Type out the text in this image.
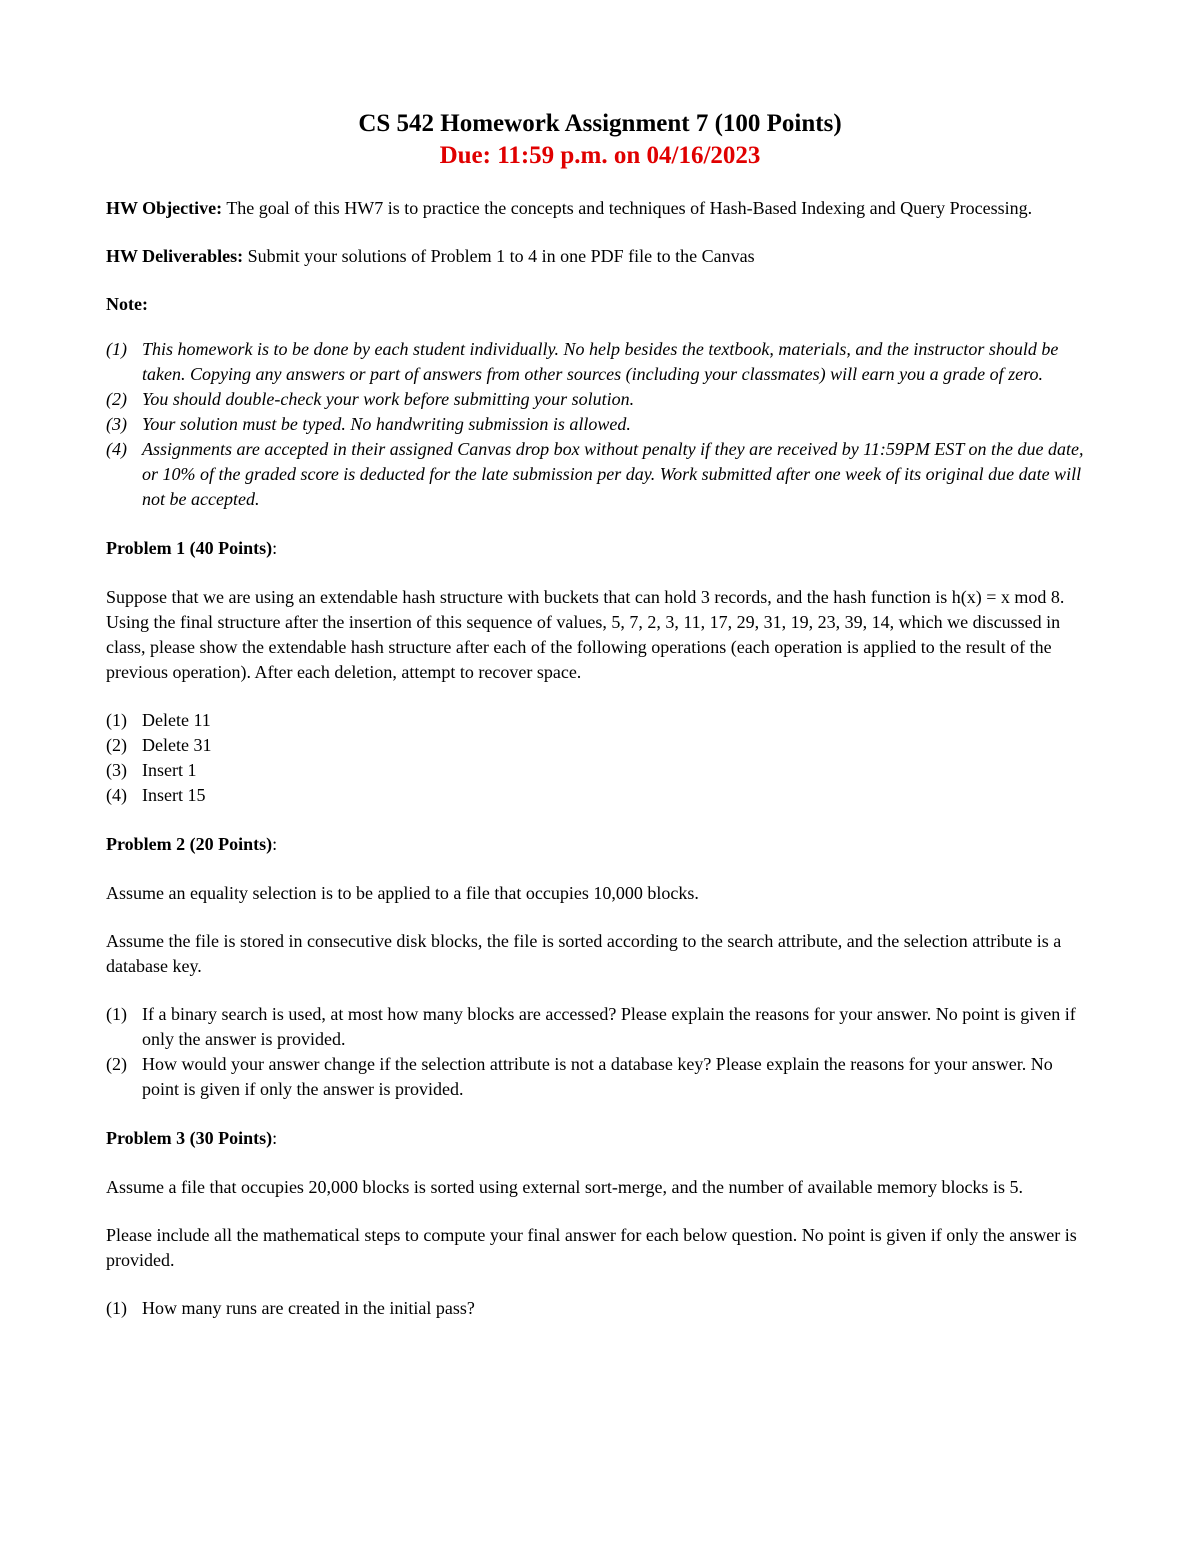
CS 542 Homework Assignment 7 (100 Points)
Due: 11:59 p.m. on 04/16/2023

HW Objective: The goal of this HW7 is to practice the concepts and techniques of Hash-Based Indexing and Query Processing.

HW Deliverables: Submit your solutions of Problem 1 to 4 in one PDF file to the Canvas

Note:
(1) This homework is to be done by each student individually. No help besides the textbook, materials, and the instructor should be taken. Copying any answers or part of answers from other sources (including your classmates) will earn you a grade of zero.
(2) You should double-check your work before submitting your solution.
(3) Your solution must be typed. No handwriting submission is allowed.
(4) Assignments are accepted in their assigned Canvas drop box without penalty if they are received by 11:59PM EST on the due date, or 10% of the graded score is deducted for the late submission per day. Work submitted after one week of its original due date will not be accepted.
Problem 1 (40 Points):

Suppose that we are using an extendable hash structure with buckets that can hold 3 records, and the hash function is h(x) = x mod 8. Using the final structure after the insertion of this sequence of values, 5, 7, 2, 3, 11, 17, 29, 31, 19, 23, 39, 14, which we discussed in class, please show the extendable hash structure after each of the following operations (each operation is applied to the result of the previous operation). After each deletion, attempt to recover space.

(1) Delete 11
(2) Delete 31
(3) Insert 1
(4) Insert 15
Problem 2 (20 Points):

Assume an equality selection is to be applied to a file that occupies 10,000 blocks.

Assume the file is stored in consecutive disk blocks, the file is sorted according to the search attribute, and the selection attribute is a database key.

(1) If a binary search is used, at most how many blocks are accessed? Please explain the reasons for your answer. No point is given if only the answer is provided.
(2) How would your answer change if the selection attribute is not a database key? Please explain the reasons for your answer. No point is given if only the answer is provided.
Problem 3 (30 Points):

Assume a file that occupies 20,000 blocks is sorted using external sort-merge, and the number of available memory blocks is 5.

Please include all the mathematical steps to compute your final answer for each below question. No point is given if only the answer is provided.

(1) How many runs are created in the initial pass?
